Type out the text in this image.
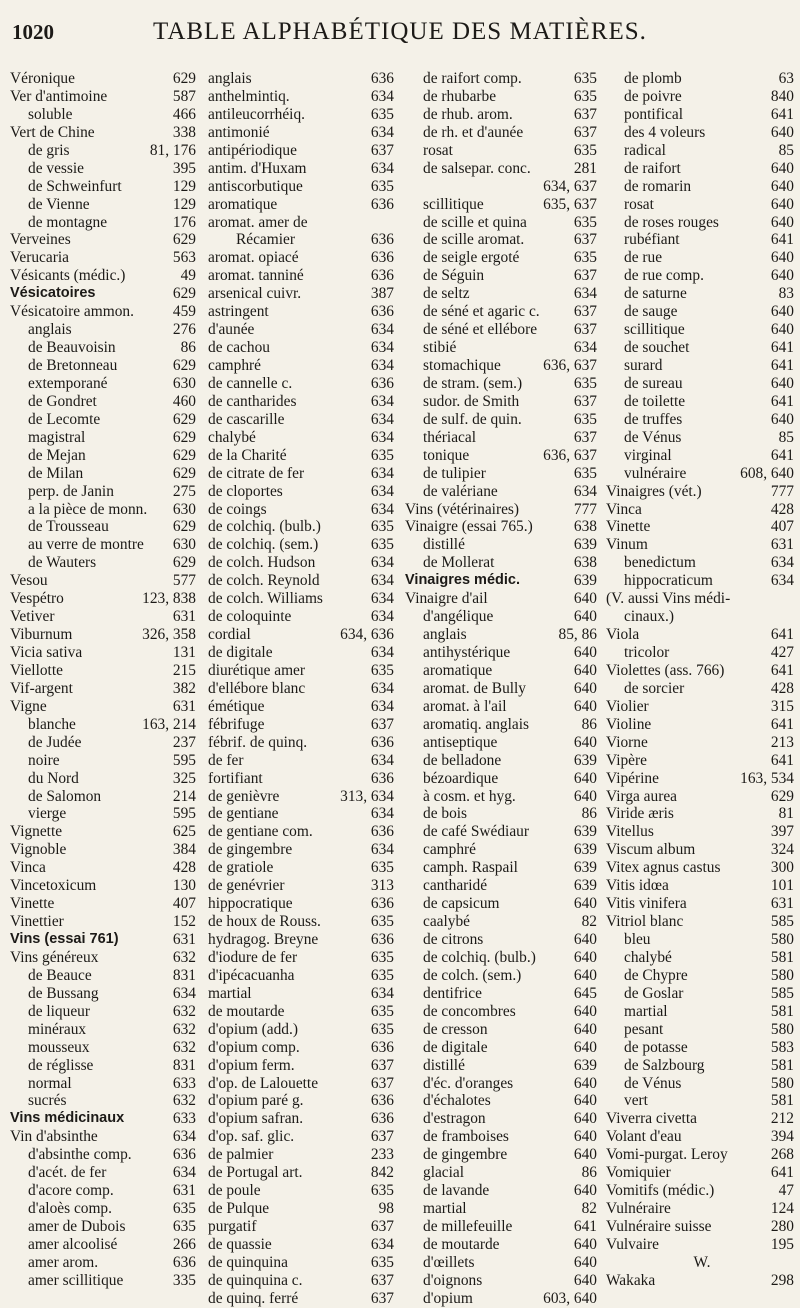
1020	TABLE ALPHABÉTIQUE DES MATIÈRES.
Véronique	629
Ver d'antimoine	587
soluble	466
Vert de Chine	338
de gris	81, 176
de vessie	395
de Schweinfurt	129
de Vienne	129
de montagne	176
Verveines	629
Verucaria	563
Vésicants (médic.)	49
Vésicatoires	629
Vésicatoire ammon.	459
anglais	276
de Beauvoisin	86
de Bretonneau	629
extemporané	630
de Gondret	460
de Lecomte	629
magistral	629
de Mejan	629
de Milan	629
perp. de Janin	275
a la pièce de monn. 630
de Trousseau	629
au verre de montre 630
de Wauters	629
Vesou	577
Vespétro	123, 838
Vetiver	631
Viburnum	326, 358
Vicia sativa	131
Viellotte	215
Vif-argent	382
Vigne	631
blanche	163, 214
de Judée	237
noire	595
du Nord	325
de Salomon	214
vierge	595
Vignette	625
Vignoble	384
Vinca	428
Vincetoxicum	130
Vinette	407
Vinettier	152
Vins (essai 761)	631
Vins généreux	632
de Beauce	831
de Bussang	634
de liqueur	632
minéraux	632
mousseux	632
de réglisse	831
normal	633
sucrés	632
Vins médicinaux	633
Vin d'absinthe	634
d'absinthe comp.	636
d'acét. de fer	634
d'acore comp.	631
d'aloès comp.	635
amer de Dubois	635
amer alcoolisé	266
amer arom.	636
amer scillitique	335
anglais	636
anthelmintiq.	634
antileucorrhéiq.	635
antimonié	634
antipériodique	637
antim. d'Huxam	634
antiscorbutique	635
aromatique	636
aromat. amer de
Récamier	636
aromat. opiacé	636
aromat. tanniné	636
arsenical cuivr.	387
astringent	636
d'aunée	634
de cachou	634
camphré	634
de cannelle c.	636
de cantharides	634
de cascarille	634
chalybé	634
de la Charité	635
de citrate de fer	634
de cloportes	634
de coings	634
de colchiq. (bulb.)	635
de colchiq. (sem.)	635
de colch. Hudson	634
de colch. Reynold	634
de colch. Williams	634
de coloquinte	634
cordial	634, 636
de digitale	634
diurétique amer	635
d'ellébore blanc	634
émétique	634
fébrifuge	637
fébrif. de quinq.	636
de fer	634
fortifiant	636
de genièvre	313, 634
de gentiane	634
de gentiane com.	636
de gingembre	634
de gratiole	635
de genévrier	313
hippocratique	636
de houx de Rouss.	635
hydragog. Breyne	636
d'iodure de fer	635
d'ipécacuanha	635
martial	634
de moutarde	635
d'opium (add.)	635
d'opium comp.	636
d'opium ferm.	637
d'op. de Lalouette	637
d'opium paré g.	636
d'opium safran.	636
d'op. saf. glic.	637
de palmier	233
de Portugal art.	842
de poule	635
de Pulque	98
purgatif	637
de quassie	634
de quinquina	635
de quinquina c.	637
de quinq. ferré	637
de raifort comp.	635
de rhubarbe	635
de rhub. arom.	637
de rh. et d'aunée	637
rosat	635
de salsepar. conc.	281
634, 637
scillitique	635, 637
de scille et quina	635
de scille aromat.	637
de seigle ergoté	635
de Séguin	637
de seltz	634
de séné et agaric c. 637
de séné et ellébore 637
stibié	634
stomachique	636, 637
de stram. (sem.)	635
sudor. de Smith	637
de sulf. de quin.	635
thériacal	637
tonique	636, 637
de tulipier	635
de valériane	634
Vins (vétérinaires)	777
Vinaigre (essai 765.)	638
distillé	639
de Mollerat	638
Vinaigres médic.	639
Vinaigre d'ail	640
d'angélique	640
anglais	85, 86
antihystérique	640
aromatique	640
aromat. de Bully	640
aromat. à l'ail	640
aromatiq. anglais	86
antiseptique	640
de belladone	639
bézoardique	640
à cosm. et hyg.	640
de bois	86
de café Swédiaur	639
camphré	639
camph. Raspail	639
cantharidé	639
de capsicum	640
caalybé	82
de citrons	640
de colchiq. (bulb.) 640
de colch. (sem.)	640
dentifrice	645
de concombres	640
de cresson	640
de digitale	640
distillé	639
d'éc. d'oranges	640
d'échalotes	640
d'estragon	640
de framboises	640
de gingembre	640
glacial	86
de lavande	640
martial	82
de millefeuille	641
de moutarde	640
d'œillets	640
d'oignons	640
d'opium	603, 640
de plomb	63
de poivre	840
pontifical	641
des 4 voleurs	640
radical	85
de raifort	640
de romarin	640
rosat	640
de roses rouges	640
rubéfiant	641
de rue	640
de rue comp.	640
de saturne	83
de sauge	640
scillitique	640
de souchet	641
surard	641
de sureau	640
de toilette	641
de truffes	640
de Vénus	85
virginal	641
vulnéraire	608, 640
Vinaigres (vét.)	777
Vinca	428
Vinette	407
Vinum	631
benedictum	634
hippocraticum	634
(V. aussi Vins médi-
cinaux.)
Viola	641
tricolor	427
Violettes (ass. 766)	641
de sorcier	428
Violier	315
Violine	641
Viorne	213
Vipère	641
Vipérine	163, 534
Virga aurea	629
Viride æris	81
Vitellus	397
Viscum album	324
Vitex agnus castus	300
Vitis idœa	101
Vitis vinifera	631
Vitriol blanc	585
bleu	580
chalybé	581
de Chypre	580
de Goslar	585
martial	581
pesant	580
de potasse	583
de Salzbourg	581
de Vénus	580
vert	581
Viverra civetta	212
Volant d'eau	394
Vomi-purgat. Leroy	268
Vomiquier	641
Vomitifs (médic.)	47
Vulnéraire	124
Vulnéraire suisse	280
Vulvaire	195
W.
Wakaka	298
